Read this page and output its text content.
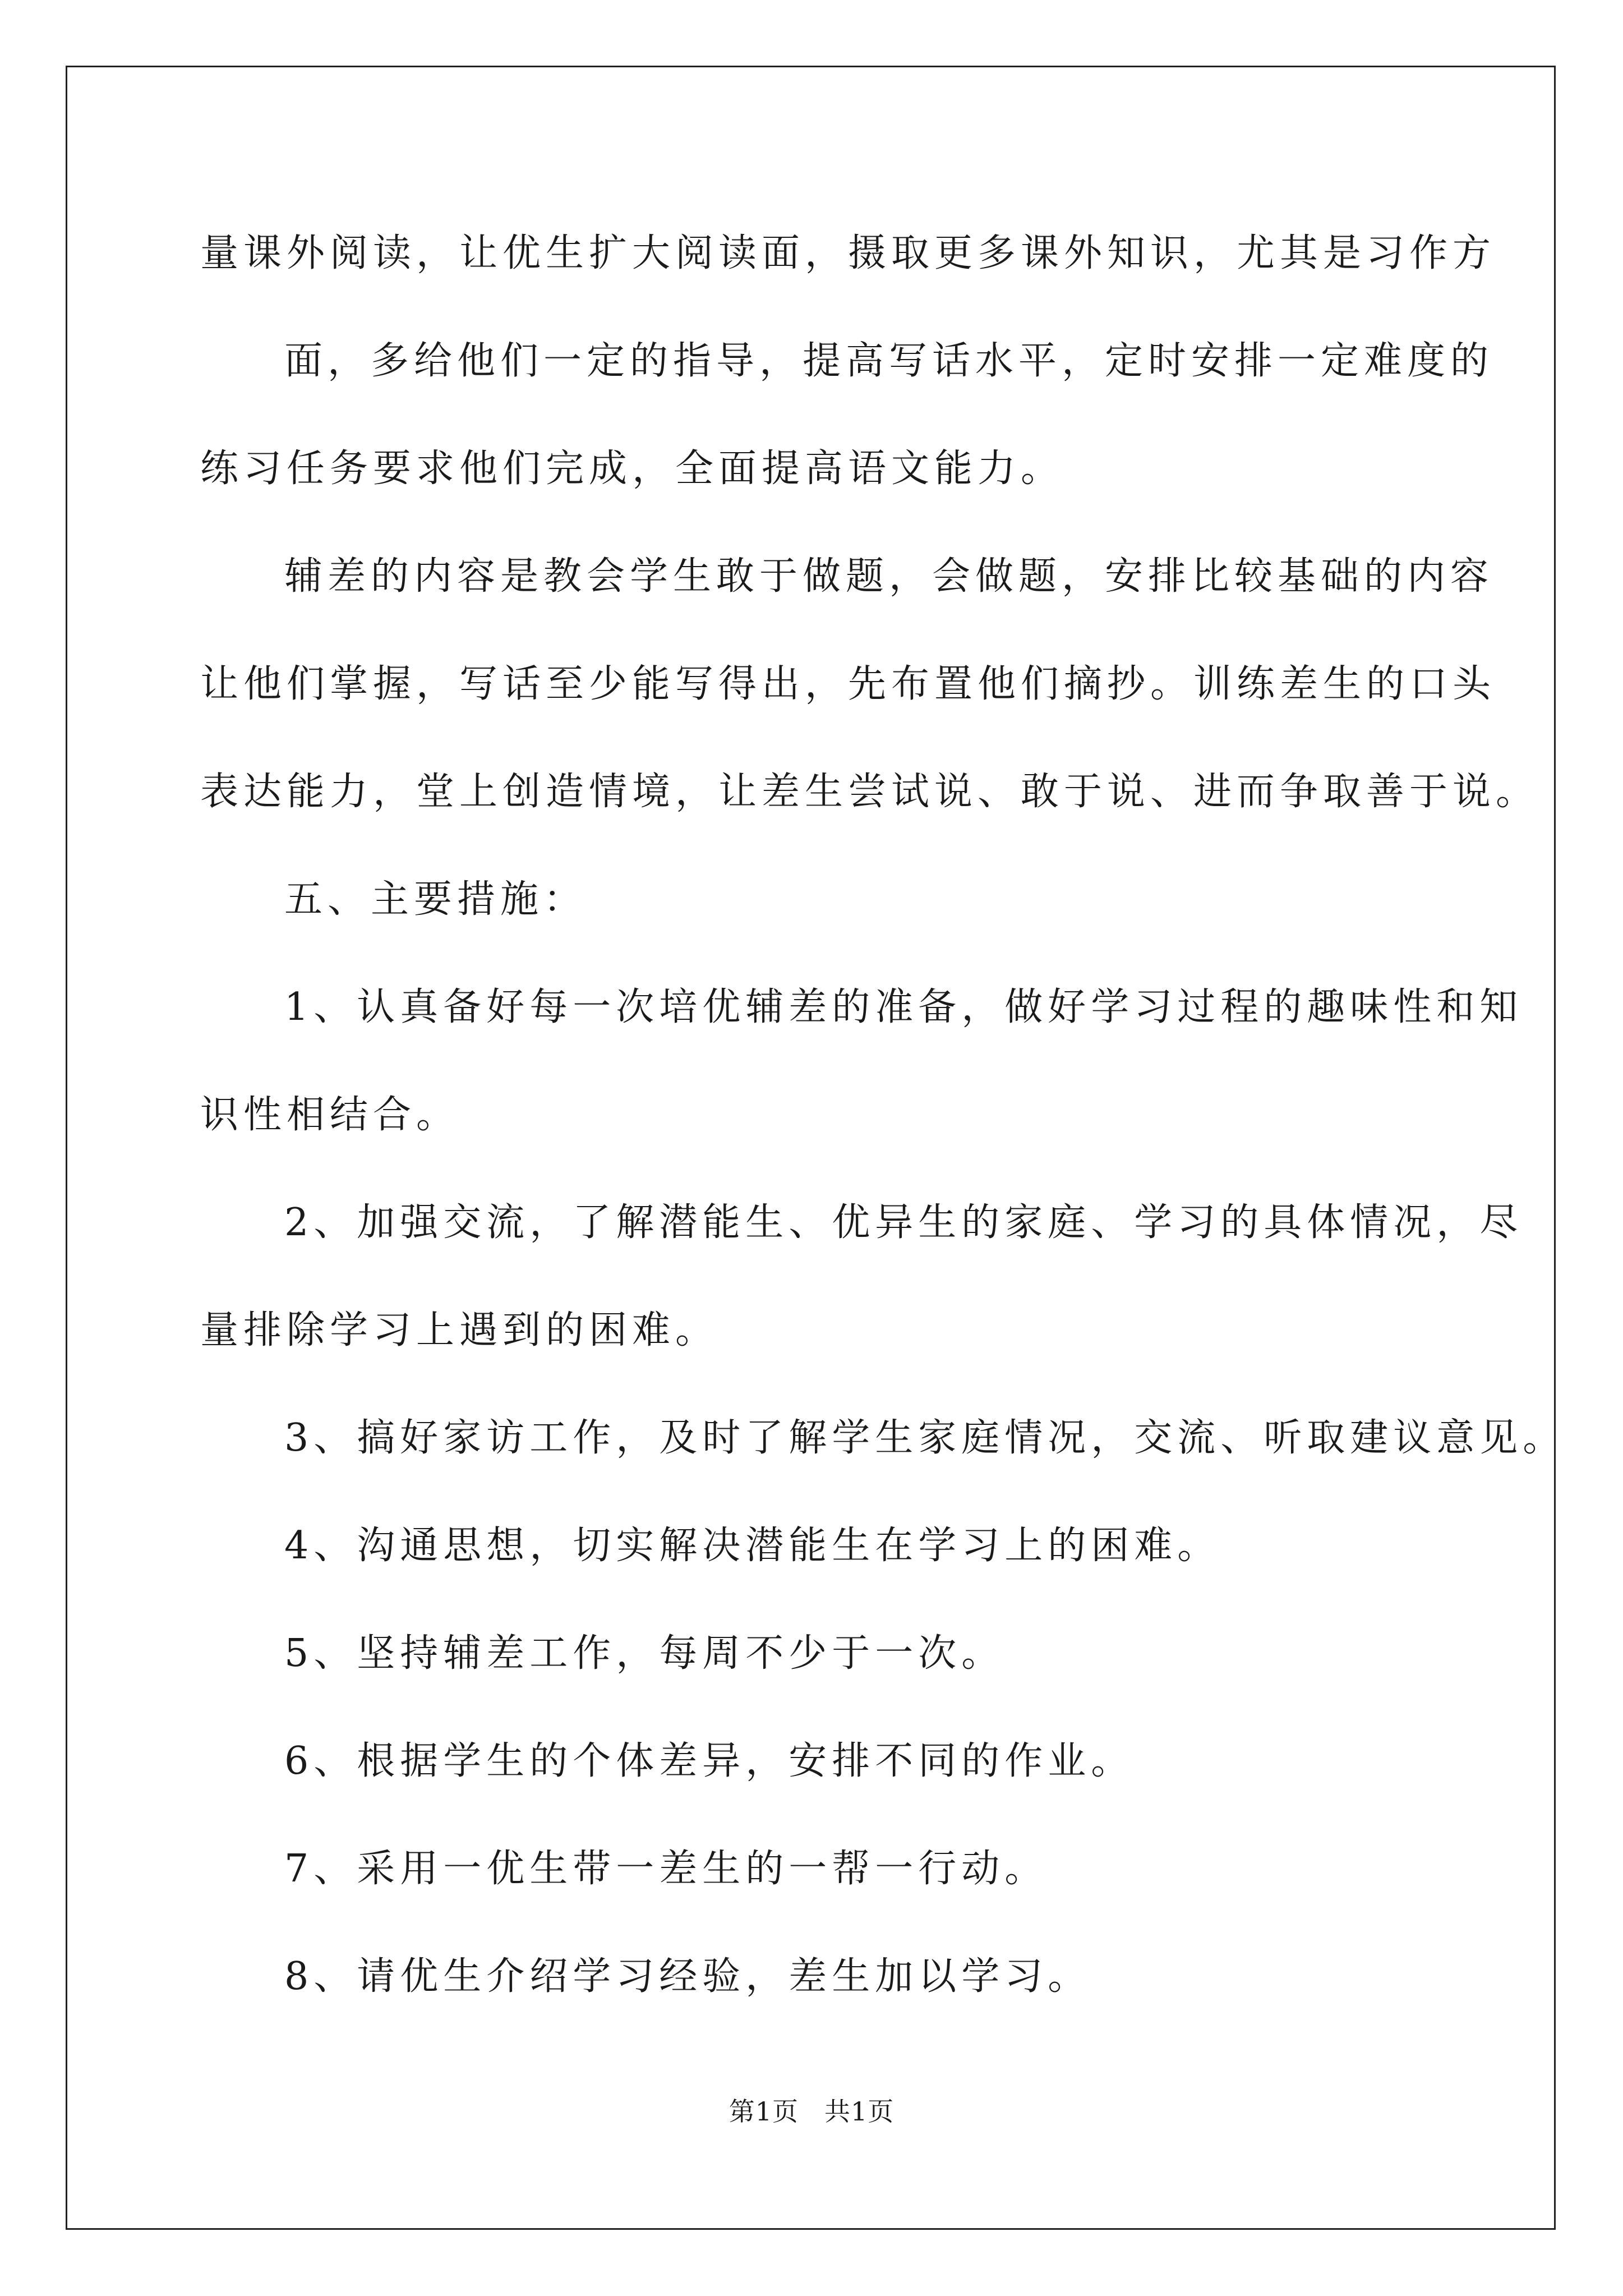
量课外阅读，让优生扩大阅读面，摄取更多课外知识，尤其是习作方

面，多给他们一定的指导，提高写话水平，定时安排一定难度的

练习任务要求他们完成，全面提高语文能力。

辅差的内容是教会学生敢于做题，会做题，安排比较基础的内容

让他们掌握，写话至少能写得出，先布置他们摘抄。训练差生的口头

表达能力，堂上创造情境，让差生尝试说、敢于说、进而争取善于说。

五、主要措施：

1、认真备好每一次培优辅差的准备，做好学习过程的趣味性和知

识性相结合。

2、加强交流，了解潜能生、优异生的家庭、学习的具体情况，尽

量排除学习上遇到的困难。

3、搞好家访工作，及时了解学生家庭情况，交流、听取建议意见。

4、沟通思想，切实解决潜能生在学习上的困难。

5、坚持辅差工作，每周不少于一次。

6、根据学生的个体差异，安排不同的作业。

7、采用一优生带一差生的一帮一行动。

8、请优生介绍学习经验，差生加以学习。

第1页 共1页
